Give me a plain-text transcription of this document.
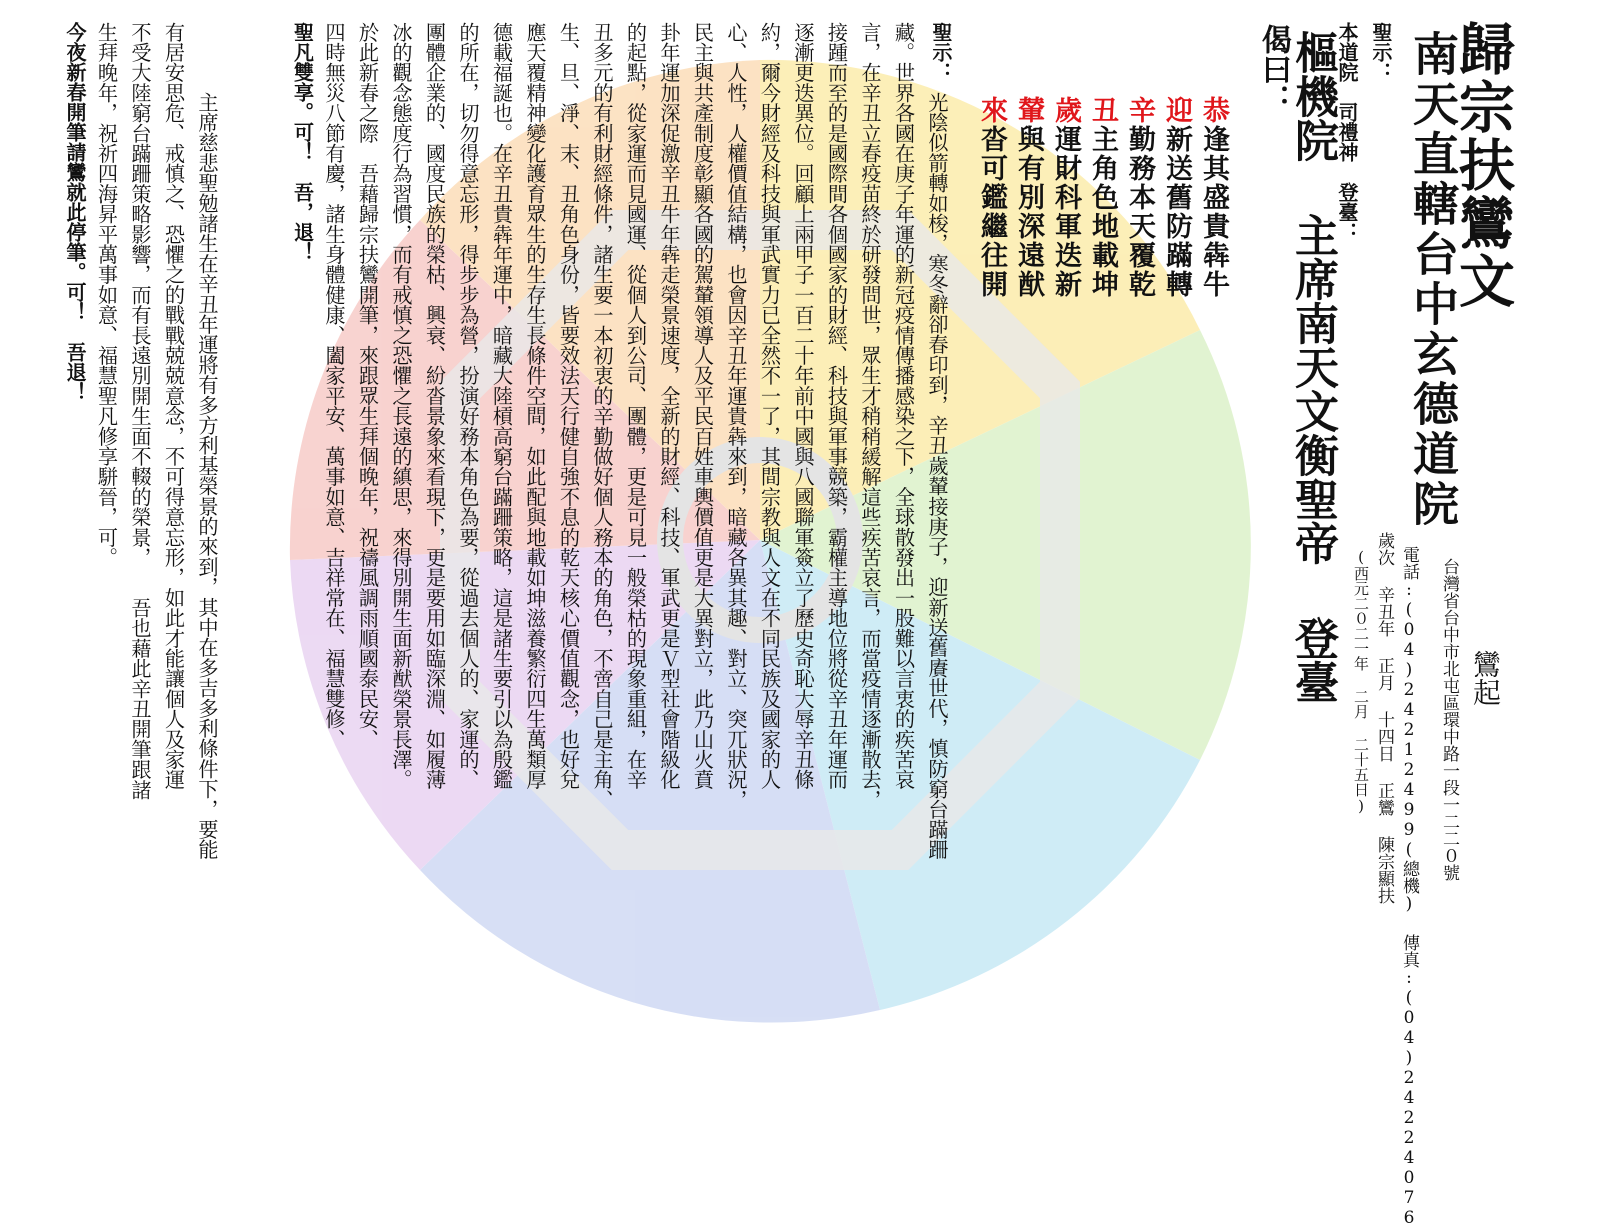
歸宗扶鸞文
南天直轄台中玄德道院
鸞起
台灣省台中市北屯區環中路一段一二二０號
電話:(04)24212499(總機) 傳真:(04)24224076
歲次 辛丑年 正月 十四日 正鸞 陳宗顯扶
(西元二０二一年 二月 二十五日)
樞機院 主席南天文衡聖帝 登臺
偈曰：
恭逢其盛貴犇牛
迎新送舊防蹣轉
辛勤務本天覆乾
丑主角色地載坤
歲運財科軍迭新
輦與有別深遠猷
來沓可鑑繼往開
聖示：
光陰似箭轉如梭，寒冬辭卻春印到，辛丑歲輦接庚子，迎新送舊賡世代，慎防窮台蹣跚
藏。世界各國在庚子年運的新冠疫情傳播感染之下，全球散發出一股難以言衷的疾苦哀
言，在辛丑立春疫苗終於研發問世，眾生才稍稍緩解這些疾苦哀言，而當疫情逐漸散去，
接踵而至的是國際間各個國家的財經、科技與軍事競築，霸權主導地位將從辛丑年運而
逐漸更迭異位。回顧上兩甲子一百二十年前中國與八國聯軍簽立了歷史奇恥大辱辛丑條
約，爾今財經及科技與軍武實力已全然不一了，其間宗教與人文在不同民族及國家的人
心、人性，人權價值結構，也會因辛丑年運貴犇來到，暗藏各異其趣、對立、突兀狀況，
民主與共產制度彰顯各國的駕輦領導人及平民百姓車輿價值更是大異對立，此乃山火賁
卦年運加深促激辛丑牛年犇走榮景速度，全新的財經、科技、軍武更是Ｖ型社會階級化
的起點，從家運而見國運、從個人到公司、團體，更是可見一般榮枯的現象重組，在辛
丑多元的有利財經條件，諸生要一本初衷的辛勤做好個人務本的角色，不啻自己是主角、
生、旦、淨、末、丑角色身份，皆要效法天行健自強不息的乾天核心價值觀念，也好兌
應天覆精神變化護育眾生的生存生長條件空間，如此配與地載如坤滋養繁衍四生萬類厚
德載福誕也。在辛丑貴犇年運中，暗藏大陸槓高窮台蹣跚策略，這是諸生要引以為殷鑑
的所在，切勿得意忘形，得步步為營，扮演好務本角色為要，從過去個人的、家運的、
團體企業的、國度民族的榮枯、興衰、紛沓景象來看現下，更是要用如臨深淵、如履薄
冰的觀念態度行為習慣，而有戒慎之恐懼之長遠的縝思，來得別開生面新猷榮景長澤。
於此新春之際　吾藉歸宗扶鸞開筆，來跟眾生拜個晚年，祝禱風調雨順國泰民安、
四時無災八節有慶，諸生身體健康、闔家平安、萬事如意、吉祥常在、福慧雙修、
聖凡雙享。可！　吾，退！	本道院　司禮神　登臺： 聖示：
主席慈悲聖勉諸生在辛丑年運將有多方利基榮景的來到，其中在多吉多利條件下，要能
有居安思危、戒慎之、恐懼之的戰戰兢兢意念，不可得意忘形，如此才能讓個人及家運
不受大陸窮台蹣跚策略影響，而有長遠別開生面不輟的榮景，　　吾也藉此辛丑開筆跟諸
生拜晚年，祝祈四海昇平萬事如意、福慧聖凡修享駢晉，可。
今夜新春開筆請鸞就此停筆。可！　吾退！
